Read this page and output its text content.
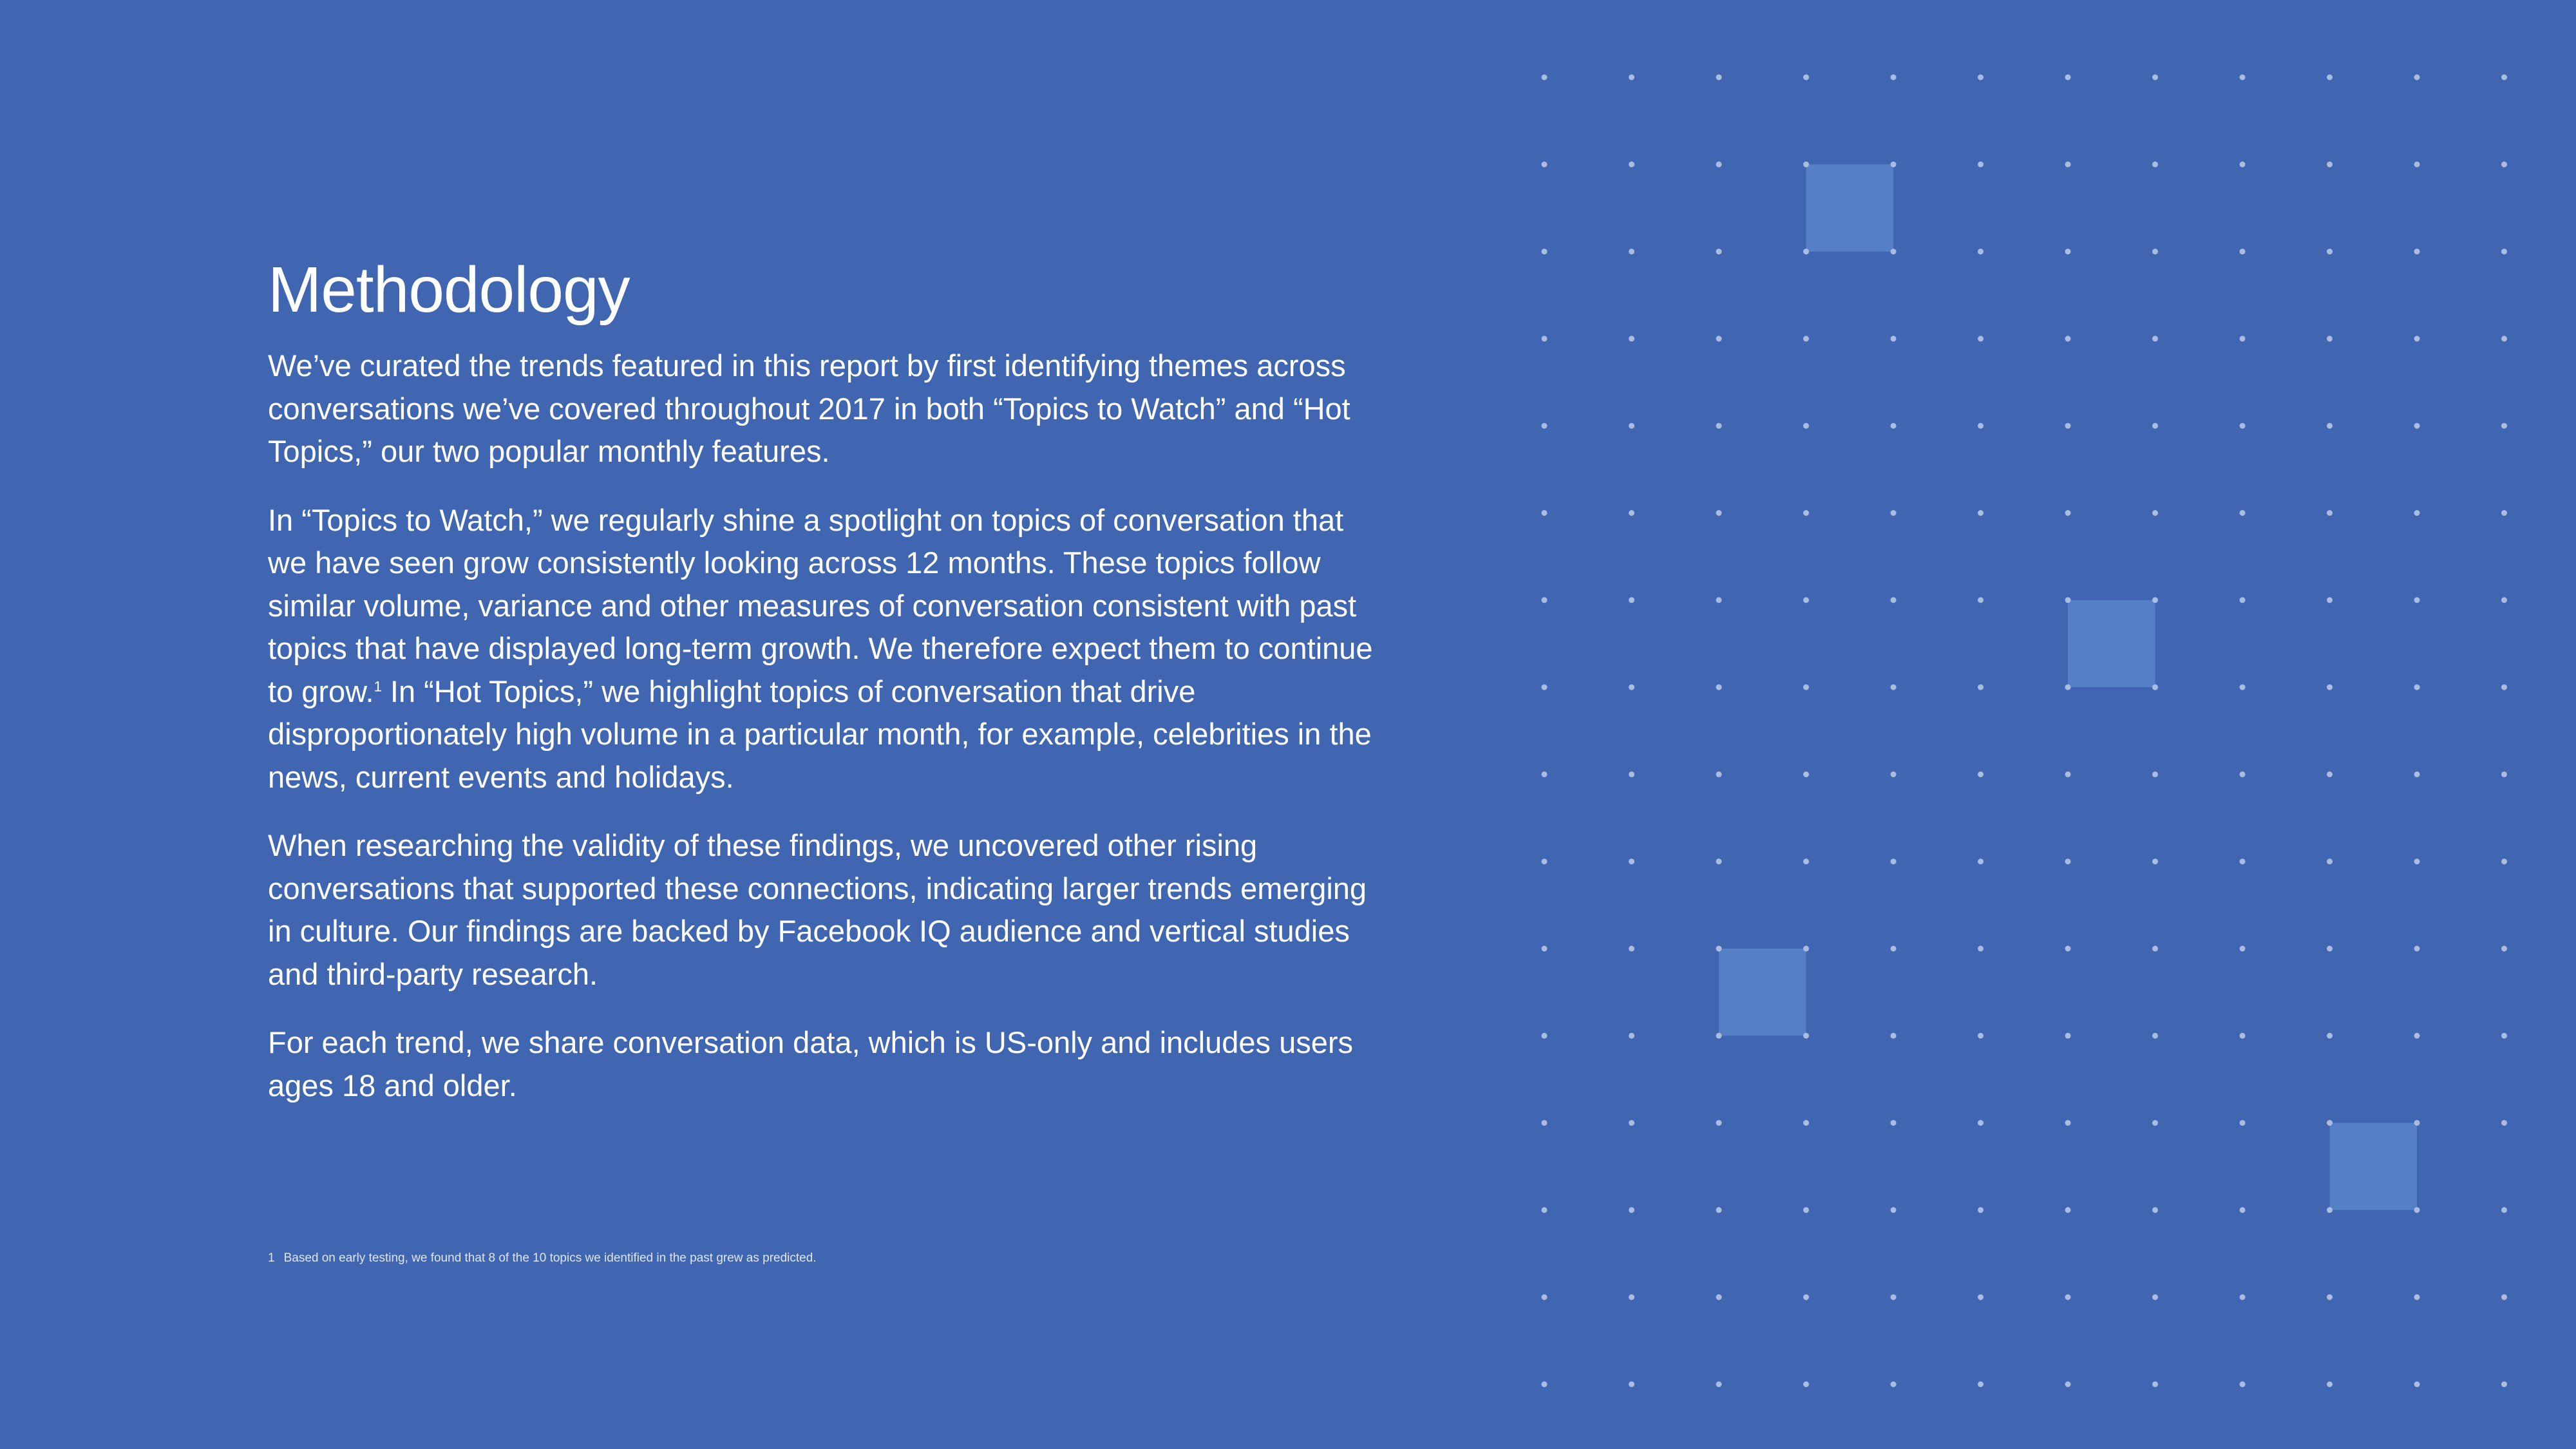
Methodology

We’ve curated the trends featured in this report by first identifying themes across conversations we’ve covered throughout 2017 in both “Topics to Watch” and “Hot Topics,” our two popular monthly features.

In “Topics to Watch,” we regularly shine a spotlight on topics of conversation that we have seen grow consistently looking across 12 months. These topics follow similar volume, variance and other measures of conversation consistent with past topics that have displayed long-term growth. We therefore expect them to continue to grow.$^1$ In “Hot Topics,” we highlight topics of conversation that drive disproportionately high volume in a particular month, for example, celebrities in the news, current events and holidays.

When researching the validity of these findings, we uncovered other rising conversations that supported these connections, indicating larger trends emerging in culture. Our findings are backed by Facebook IQ audience and vertical studies and third-party research.

For each trend, we share conversation data, which is US-only and includes users ages 18 and older.

1 Based on early testing, we found that 8 of the 10 topics we identified in the past grew as predicted.
